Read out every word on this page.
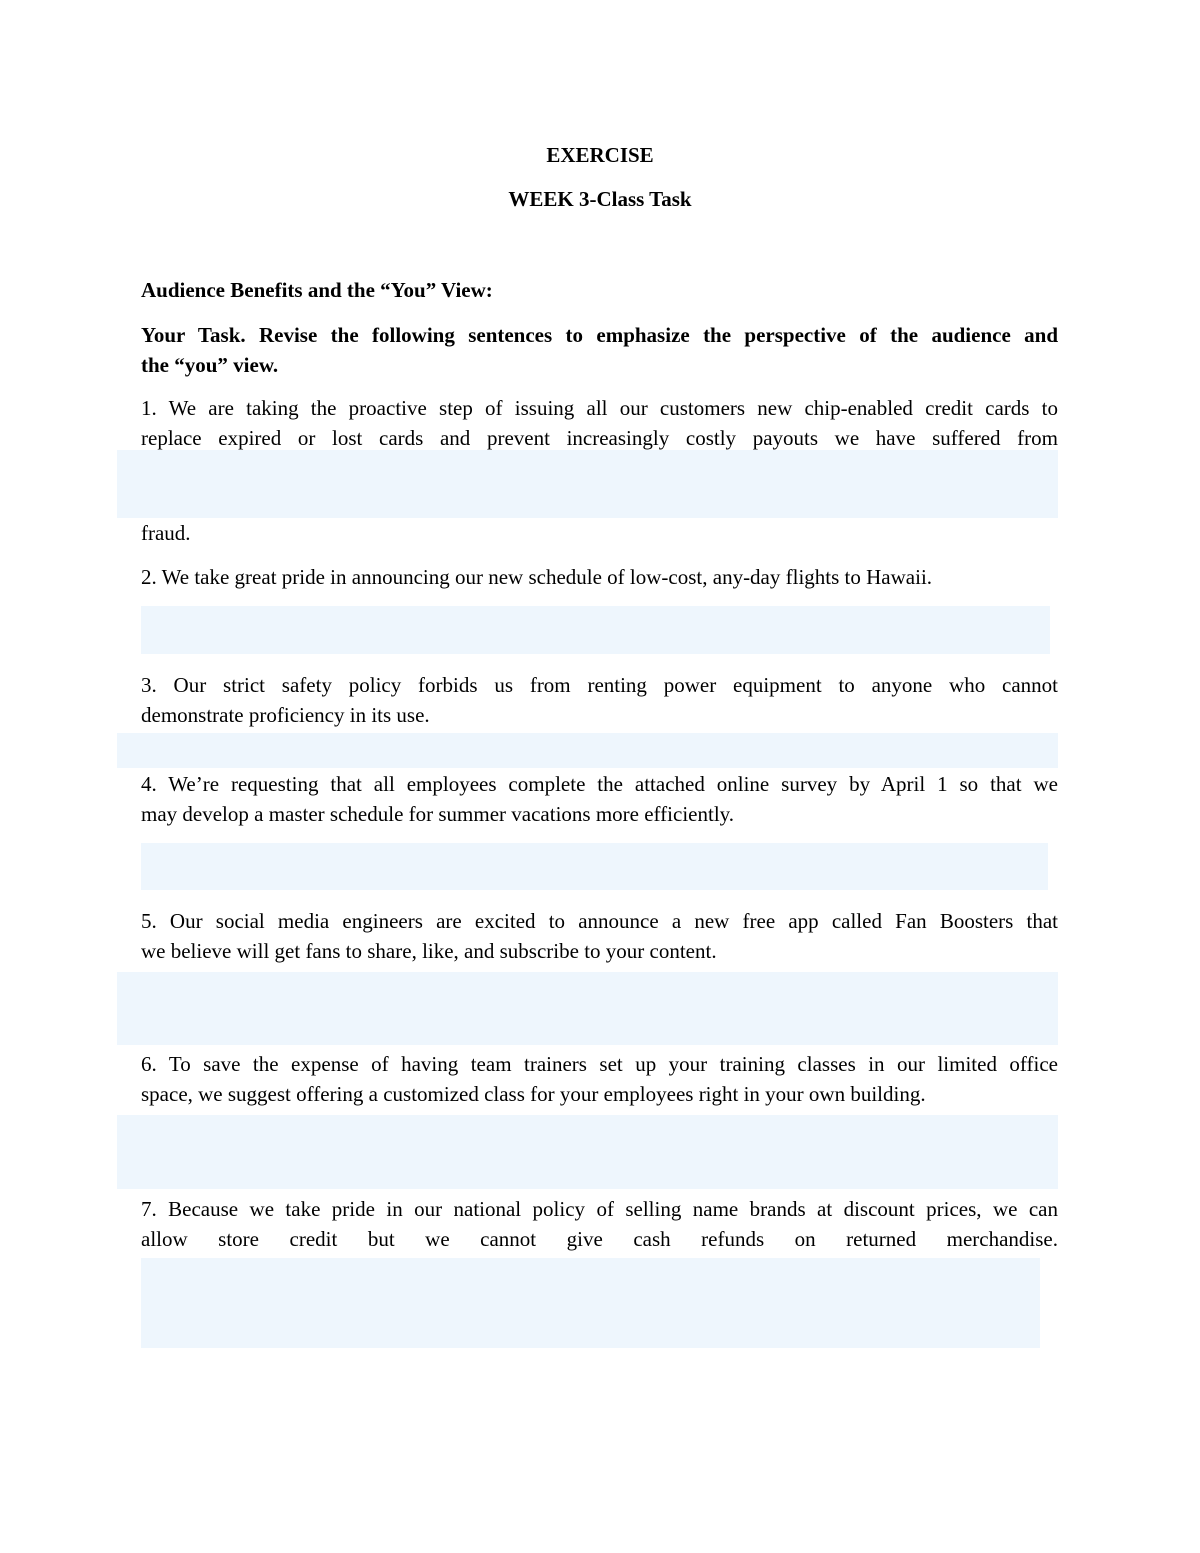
EXERCISE
WEEK 3-Class Task
Audience Benefits and the “You” View:
Your Task. Revise the following sentences to emphasize the perspective of the audience and
the “you” view.
1. We are taking the proactive step of issuing all our customers new chip-enabled credit cards to
replace expired or lost cards and prevent increasingly costly payouts we have suffered from
fraud.
2. We take great pride in announcing our new schedule of low-cost, any-day flights to Hawaii.
3. Our strict safety policy forbids us from renting power equipment to anyone who cannot
demonstrate proficiency in its use.
4. We’re requesting that all employees complete the attached online survey by April 1 so that we
may develop a master schedule for summer vacations more efficiently.
5. Our social media engineers are excited to announce a new free app called Fan Boosters that
we believe will get fans to share, like, and subscribe to your content.
6. To save the expense of having team trainers set up your training classes in our limited office
space, we suggest offering a customized class for your employees right in your own building.
7. Because we take pride in our national policy of selling name brands at discount prices, we can
allow store credit but we cannot give cash refunds on returned merchandise.
